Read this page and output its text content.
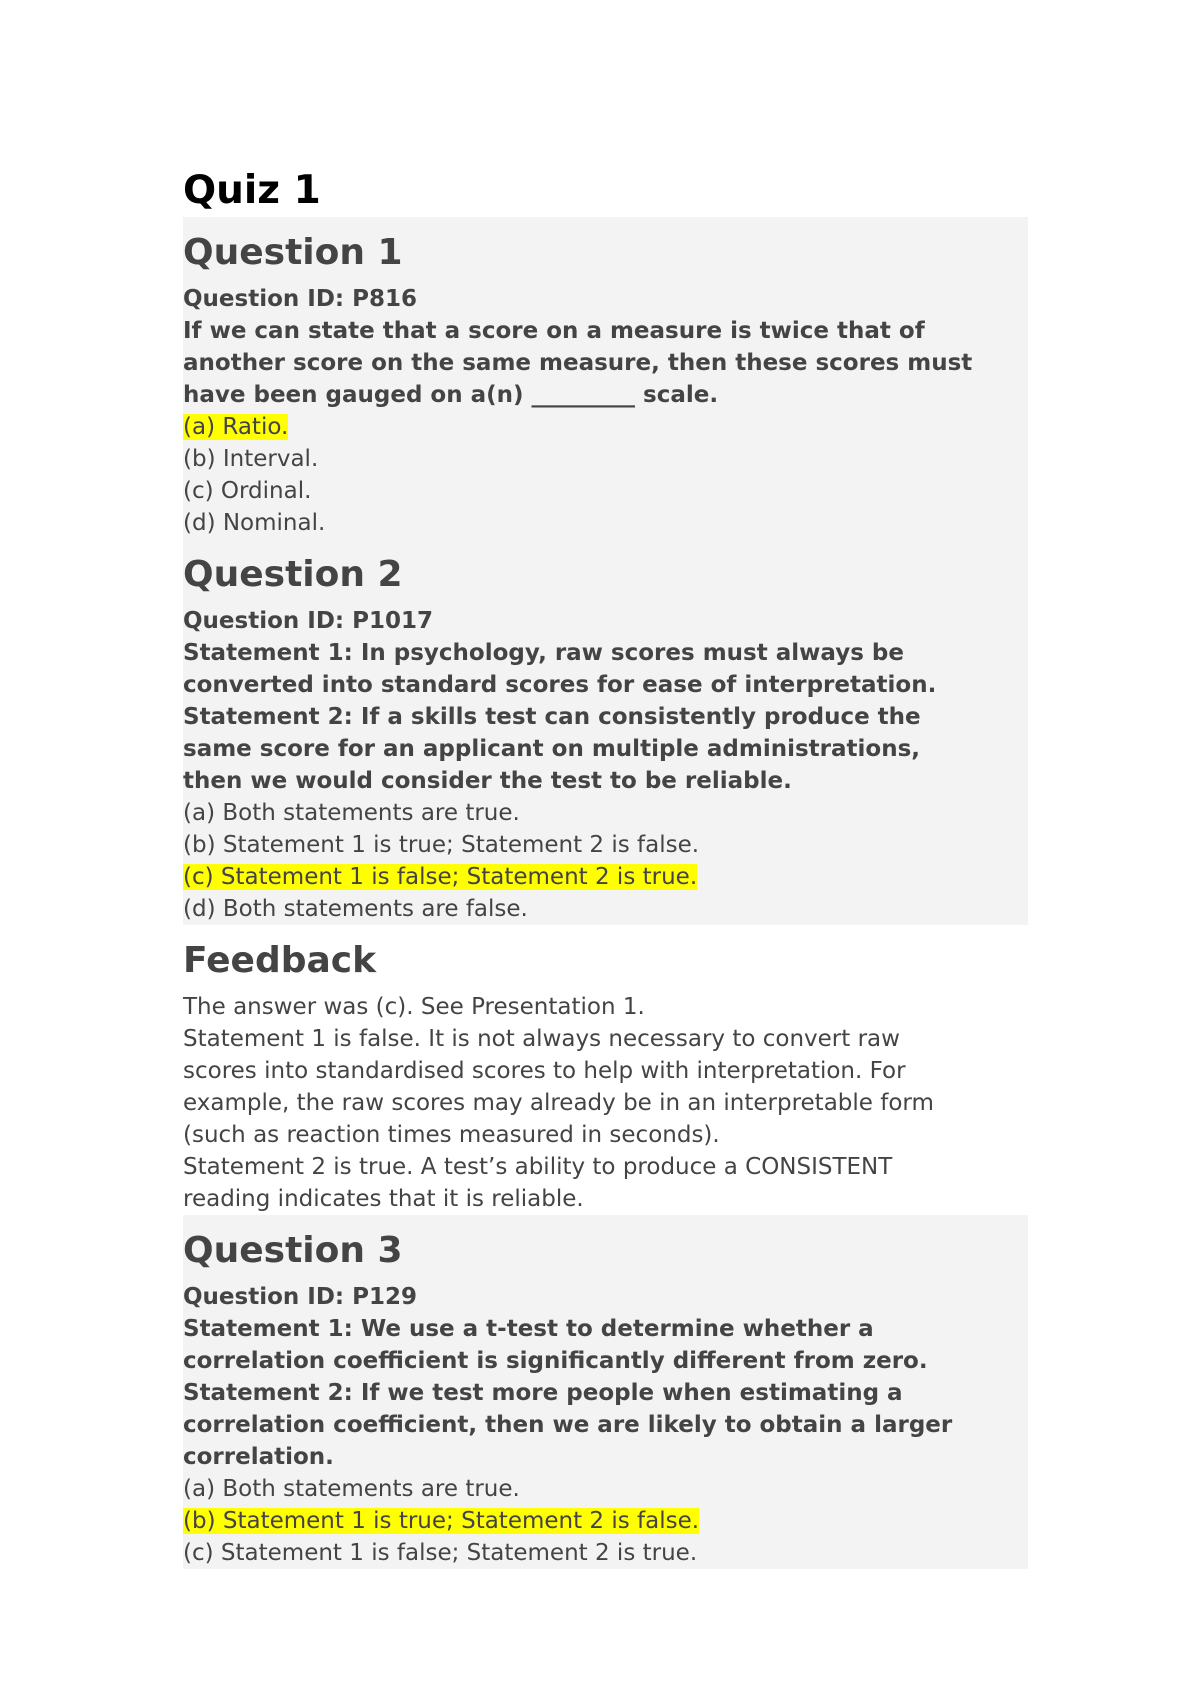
Quiz 1
Question 1

Question ID: P816

If we can state that a score on a measure is twice that of

another score on the same measure, then these scores must

have been gauged on a(n) _________ scale.

(a) Ratio.

(b) Interval.

(c) Ordinal.

(d) Nominal.

Question 2

Question ID: P1017

Statement 1: In psychology, raw scores must always be

converted into standard scores for ease of interpretation.

Statement 2: If a skills test can consistently produce the

same score for an applicant on multiple administrations,

then we would consider the test to be reliable.

(a) Both statements are true.

(b) Statement 1 is true; Statement 2 is false.

(c) Statement 1 is false; Statement 2 is true.

(d) Both statements are false.

Feedback

The answer was (c). See Presentation 1.

Statement 1 is false. It is not always necessary to convert raw

scores into standardised scores to help with interpretation. For

example, the raw scores may already be in an interpretable form

(such as reaction times measured in seconds).

Statement 2 is true. A test’s ability to produce a CONSISTENT

reading indicates that it is reliable.

Question 3

Question ID: P129

Statement 1: We use a t-test to determine whether a

correlation coefficient is significantly different from zero.

Statement 2: If we test more people when estimating a

correlation coefficient, then we are likely to obtain a larger

correlation.

(a) Both statements are true.

(b) Statement 1 is true; Statement 2 is false.

(c) Statement 1 is false; Statement 2 is true.
